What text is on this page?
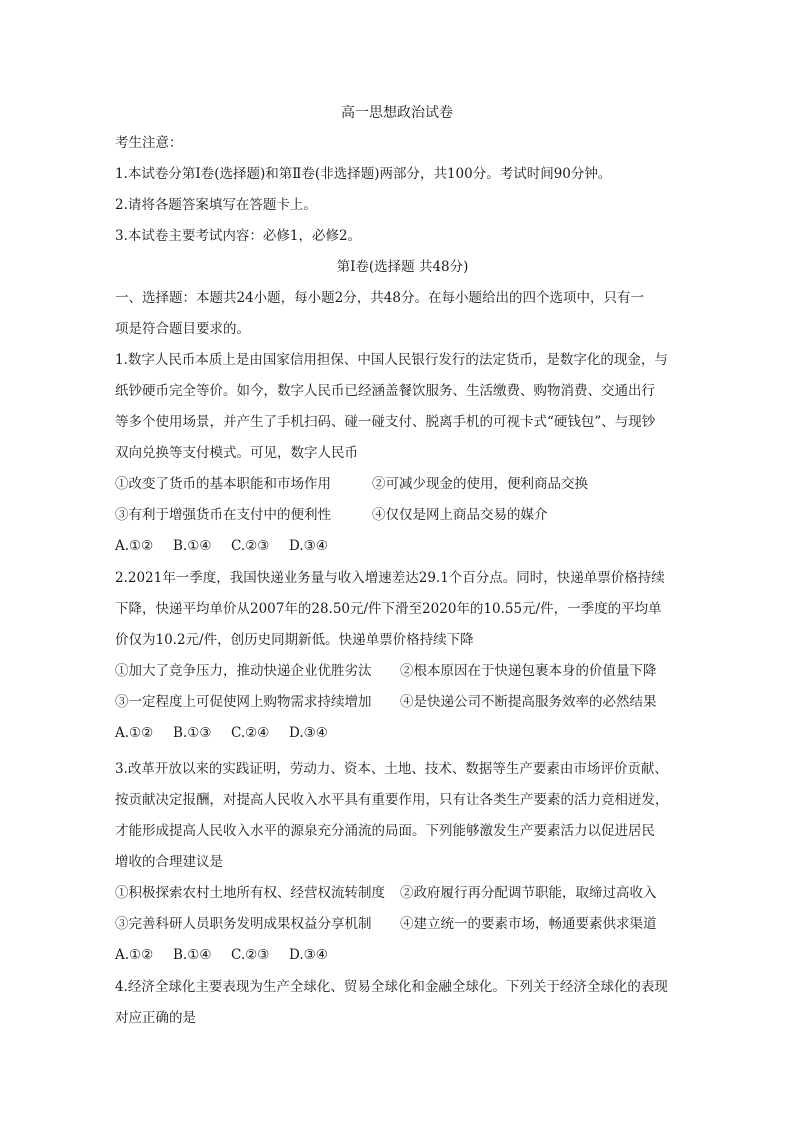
高一思想政治试卷
考生注意：
1.本试卷分第Ⅰ卷(选择题)和第Ⅱ卷(非选择题)两部分，共100分。考试时间90分钟。
2.请将各题答案填写在答题卡上。
3.本试卷主要考试内容：必修1，必修2。
第Ⅰ卷(选择题 共48分)
一、选择题：本题共24小题，每小题2分，共48分。在每小题给出的四个选项中，只有一
项是符合题目要求的。
1.数字人民币本质上是由国家信用担保、中国人民银行发行的法定货币，是数字化的现金，与
纸钞硬币完全等价。如今，数字人民币已经涵盖餐饮服务、生活缴费、购物消费、交通出行
等多个使用场景，并产生了手机扫码、碰一碰支付、脱离手机的可视卡式“硬钱包”、与现钞
双向兑换等支付模式。可见，数字人民币
①改变了货币的基本职能和市场作用	②可减少现金的使用，便利商品交换
③有利于增强货币在支付中的便利性	④仅仅是网上商品交易的媒介
A.①②	B.①④	C.②③	D.③④
2.2021年一季度，我国快递业务量与收入增速差达29.1个百分点。同时，快递单票价格持续
下降，快递平均单价从2007年的28.50元/件下滑至2020年的10.55元/件，一季度的平均单
价仅为10.2元/件，创历史同期新低。快递单票价格持续下降
①加大了竞争压力，推动快递企业优胜劣汰	②根本原因在于快递包裹本身的价值量下降
③一定程度上可促使网上购物需求持续增加	④是快递公司不断提高服务效率的必然结果
A.①②	B.①③	C.②④	D.③④
3.改革开放以来的实践证明，劳动力、资本、土地、技术、数据等生产要素由市场评价贡献、
按贡献决定报酬，对提高人民收入水平具有重要作用，只有让各类生产要素的活力竞相迸发，
才能形成提高人民收入水平的源泉充分涌流的局面。下列能够激发生产要素活力以促进居民
增收的合理建议是
①积极探索农村土地所有权、经营权流转制度	②政府履行再分配调节职能，取缔过高收入
③完善科研人员职务发明成果权益分享机制	④建立统一的要素市场，畅通要素供求渠道
A.①②	B.①④	C.②③	D.③④
4.经济全球化主要表现为生产全球化、贸易全球化和金融全球化。下列关于经济全球化的表现
对应正确的是
